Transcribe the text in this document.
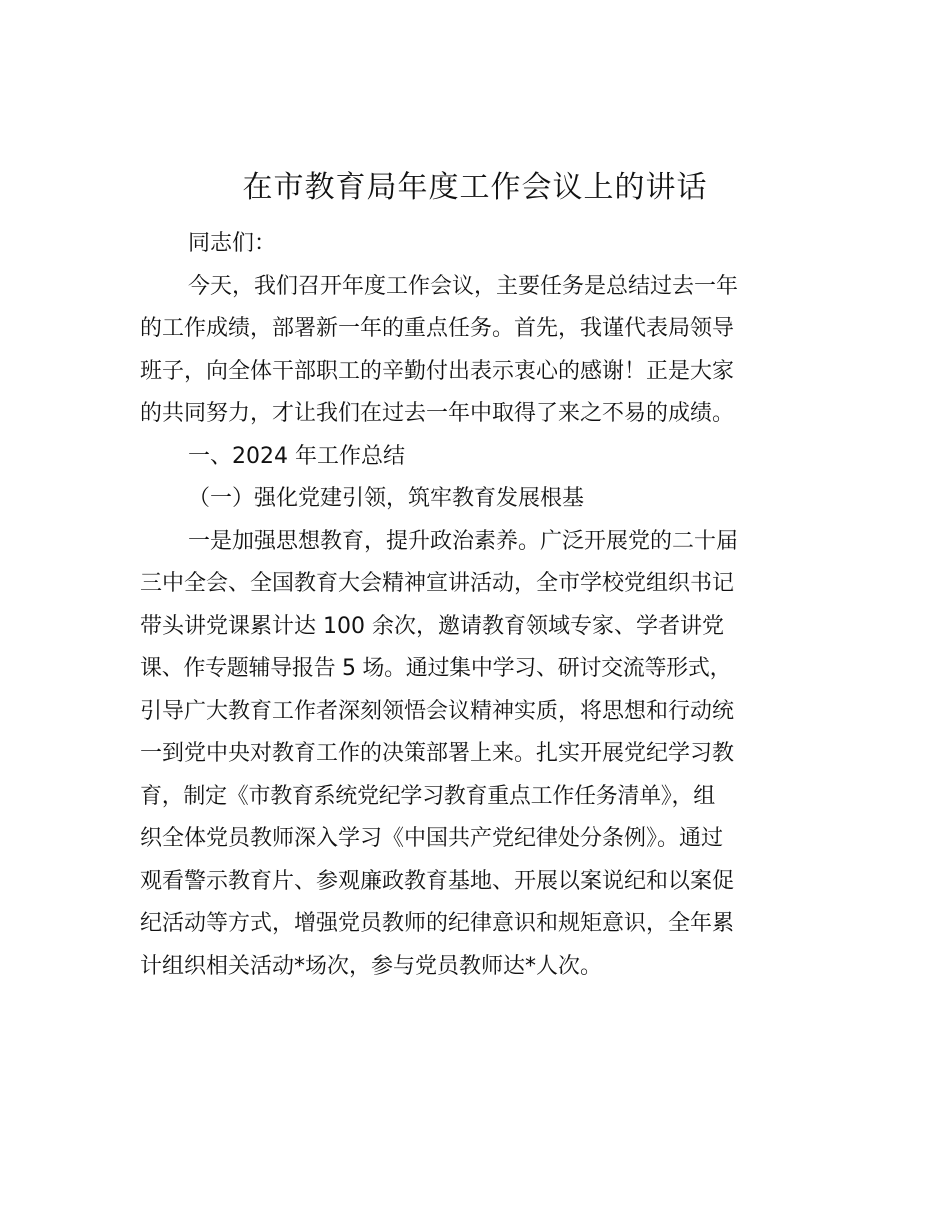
在市教育局年度工作会议上的讲话

同志们：

今天，我们召开年度工作会议，主要任务是总结过去一年
的工作成绩，部署新一年的重点任务。首先，我谨代表局领导
班子，向全体干部职工的辛勤付出表示衷心的感谢！正是大家
的共同努力，才让我们在过去一年中取得了来之不易的成绩。

一、2024 年工作总结

（一）强化党建引领，筑牢教育发展根基

一是加强思想教育，提升政治素养。广泛开展党的二十届
三中全会、全国教育大会精神宣讲活动，全市学校党组织书记
带头讲党课累计达 100 余次，邀请教育领域专家、学者讲党
课、作专题辅导报告 5 场。通过集中学习、研讨交流等形式，
引导广大教育工作者深刻领悟会议精神实质，将思想和行动统
一到党中央对教育工作的决策部署上来。扎实开展党纪学习教
育，制定《市教育系统党纪学习教育重点工作任务清单》，组
织全体党员教师深入学习《中国共产党纪律处分条例》。通过
观看警示教育片、参观廉政教育基地、开展以案说纪和以案促
纪活动等方式，增强党员教师的纪律意识和规矩意识，全年累
计组织相关活动*场次，参与党员教师达*人次。
